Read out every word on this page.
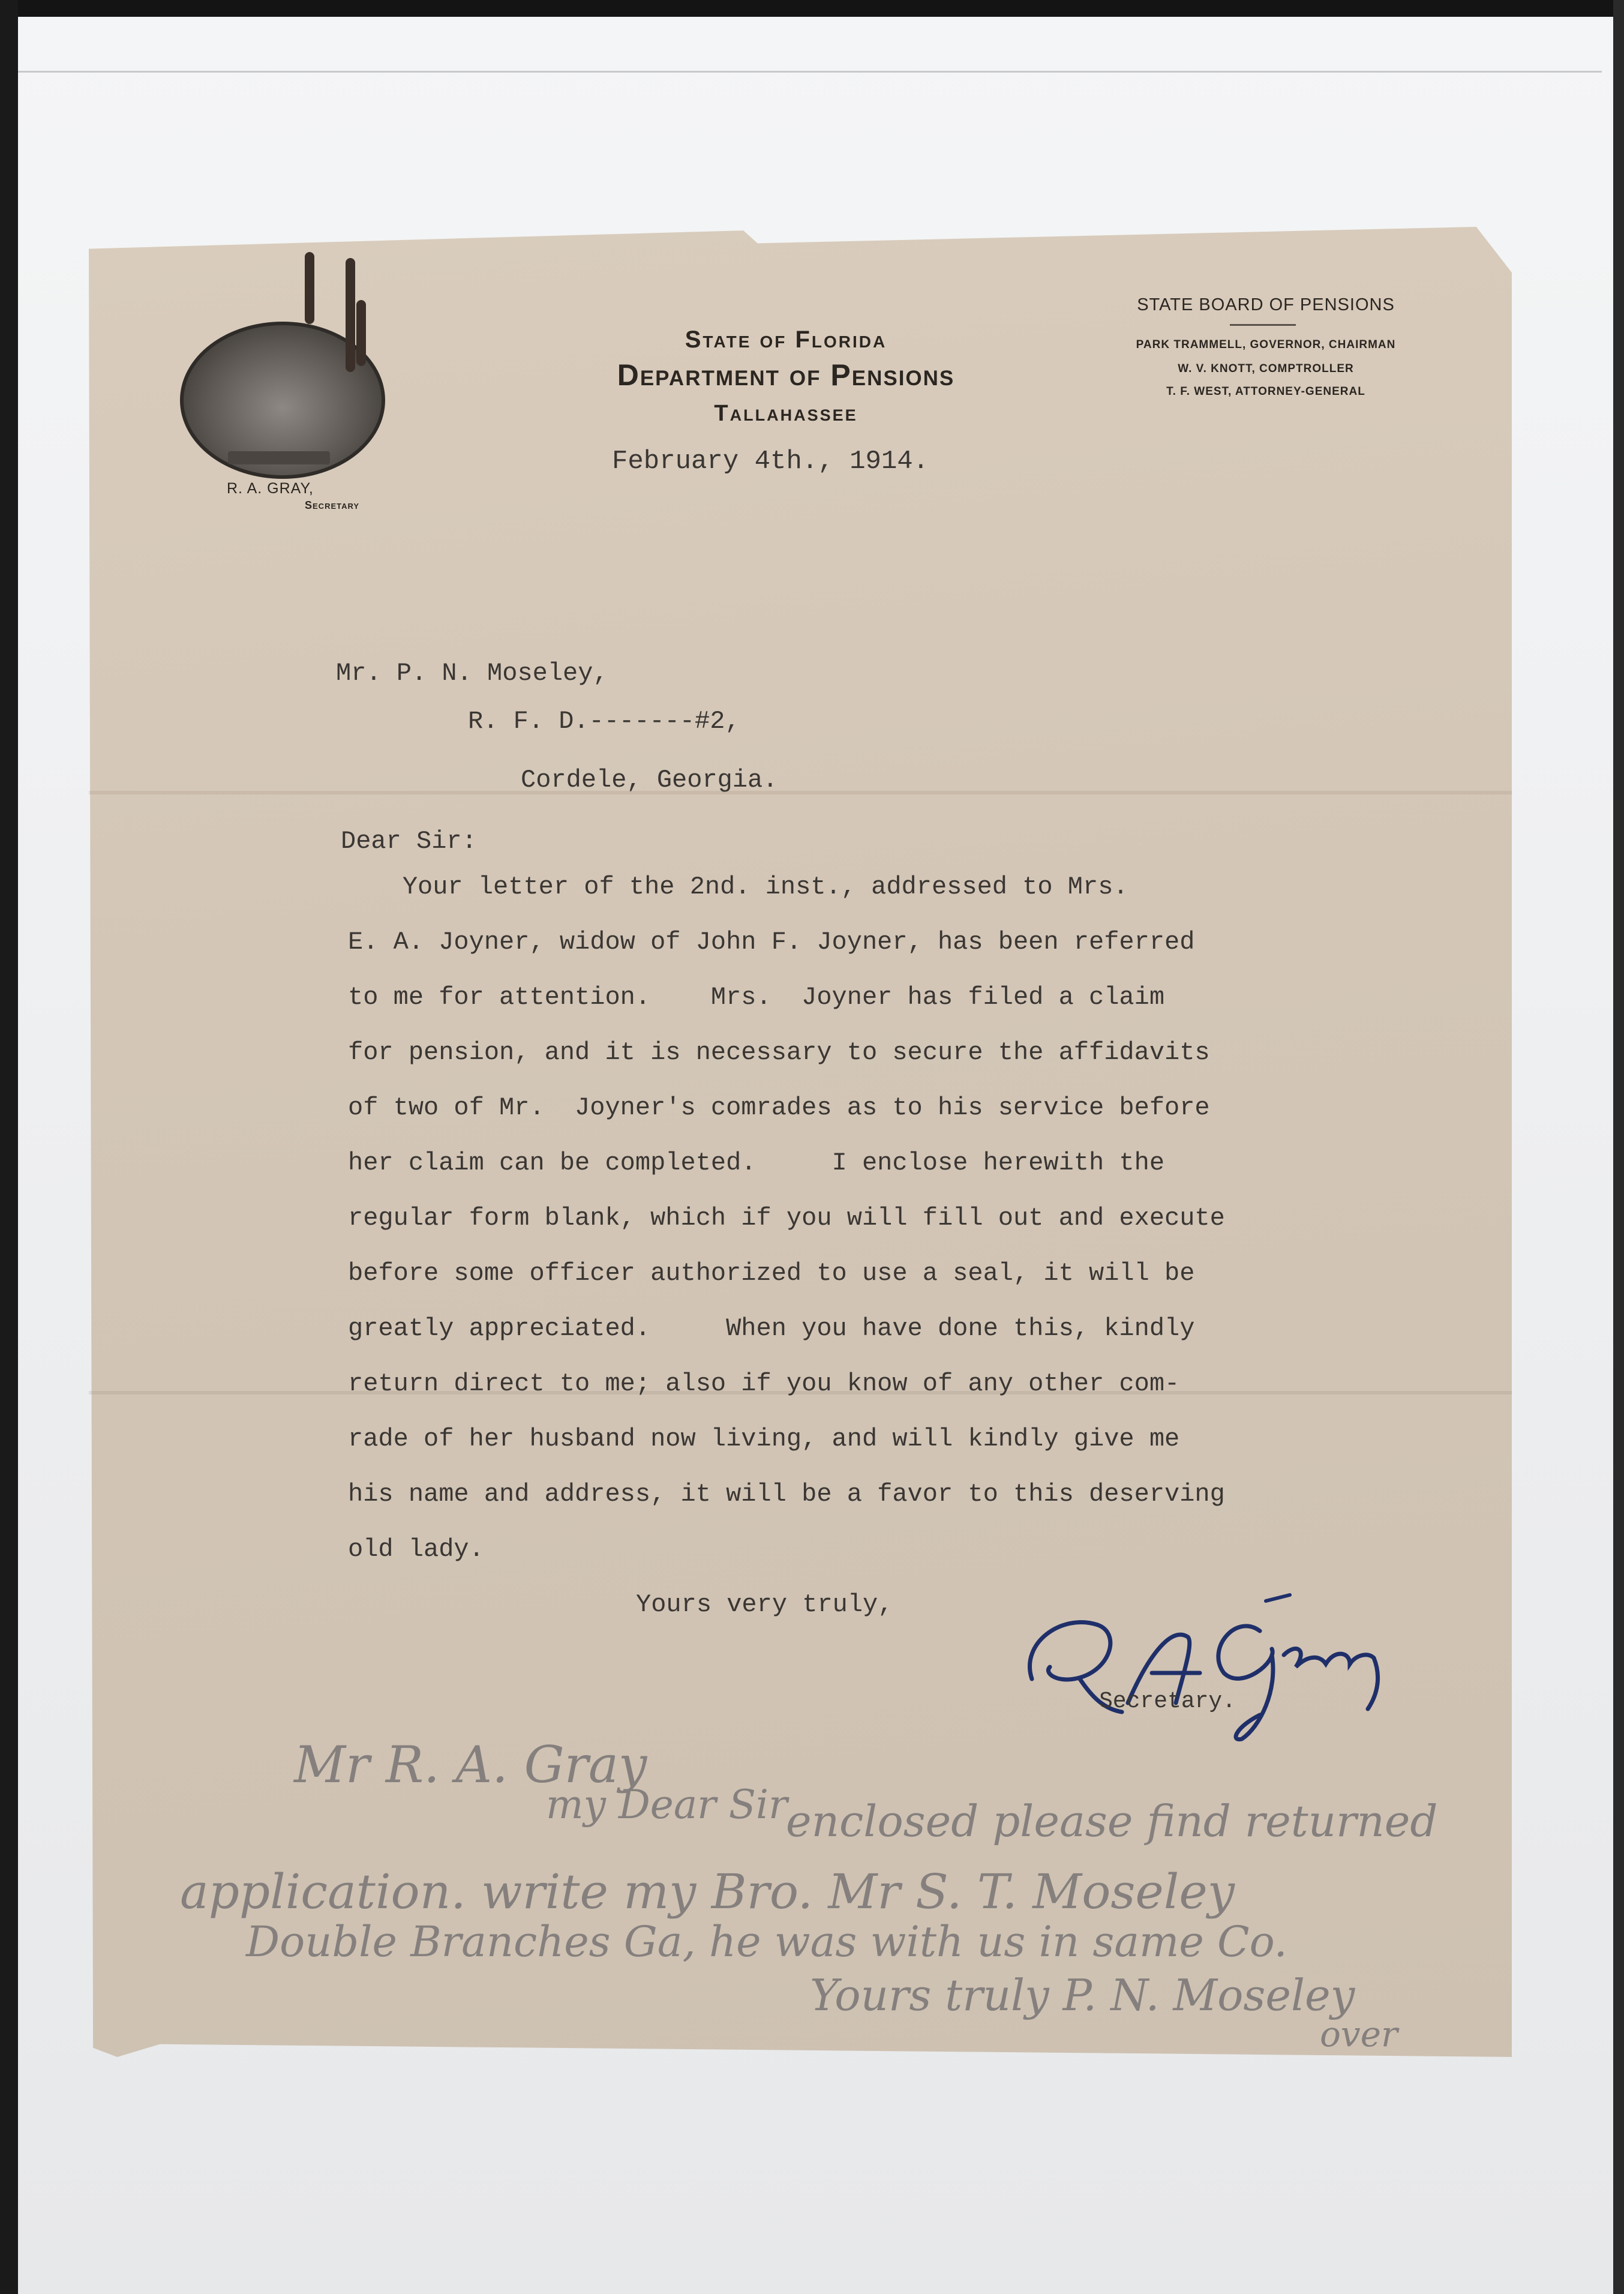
State of Florida
Department of Pensions
Tallahassee
R. A. GRAY,
Secretary
STATE BOARD OF PENSIONS
PARK TRAMMELL, GOVERNOR, CHAIRMAN
W. V. KNOTT, COMPTROLLER
T. F. WEST, ATTORNEY-GENERAL
February 4th., 1914.
Mr. P. N. Moseley,
R. F. D.-------#2,
Cordele, Georgia.
Dear Sir:
Your letter of the 2nd. inst., addressed to Mrs.
E. A. Joyner, widow of John F. Joyner, has been referred
to me for attention.    Mrs.  Joyner has filed a claim
for pension, and it is necessary to secure the affidavits
of two of Mr.  Joyner's comrades as to his service before
her claim can be completed.     I enclose herewith the
regular form blank, which if you will fill out and execute
before some officer authorized to use a seal, it will be
greatly appreciated.     When you have done this, kindly
return direct to me; also if you know of any other com-
rade of her husband now living, and will kindly give me
his name and address, it will be a favor to this deserving
old lady.
Yours very truly,
Secretary.
Mr R. A. Gray
my Dear Sir
enclosed please find returned
application. write my Bro. Mr S. T. Moseley
Double Branches Ga, he was with us in same Co.
Yours truly P. N. Moseley
over
